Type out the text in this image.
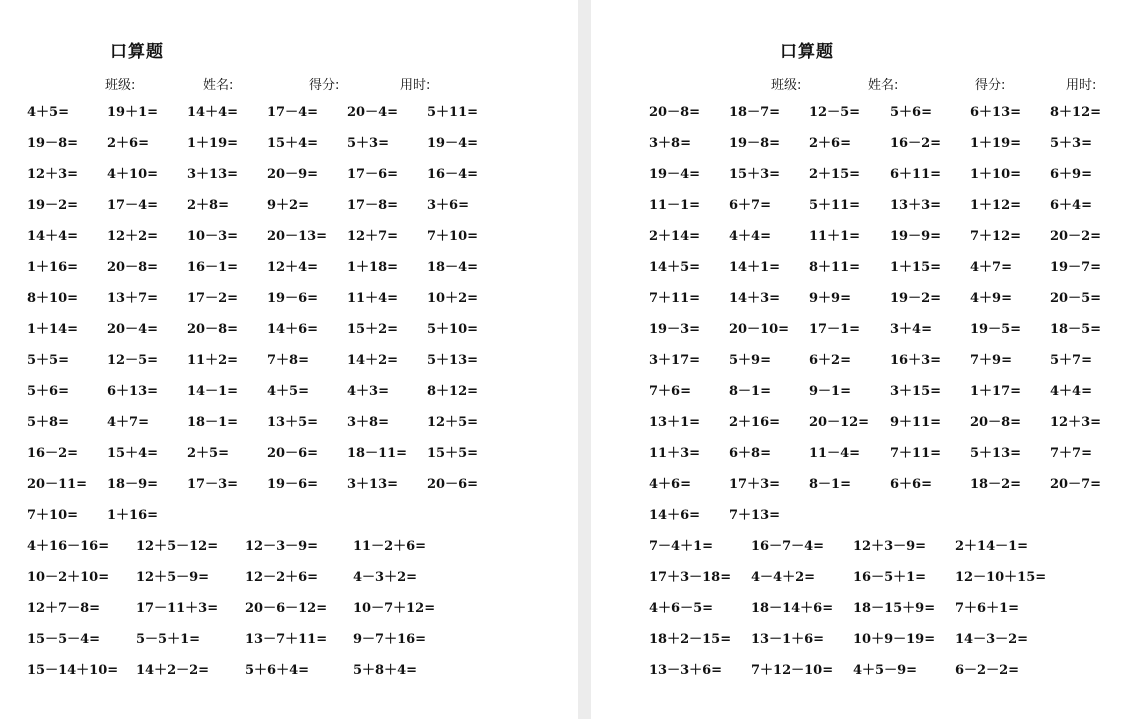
口算题
班级:	姓名:	得分:	用时:
4＋5=	19＋1= 14＋4= 17－4= 20－4= 5＋11=
19－8= 2＋6=	1＋19= 15＋4= 5＋3=	19－4=
12＋3= 4＋10= 3＋13= 20－9= 17－6= 16－4=
19－2= 17－4= 2＋8=	9＋2=	17－8= 3＋6=
14＋4= 12＋2= 10－3= 20－13= 12＋7= 7＋10=
1＋16= 20－8= 16－1= 12＋4= 1＋18= 18－4=
8＋10= 13＋7= 17－2= 19－6= 11＋4= 10＋2=
1＋14= 20－4= 20－8= 14＋6= 15＋2= 5＋10=
5＋5=	12－5= 11＋2= 7＋8=	14＋2= 5＋13=
5＋6=	6＋13= 14－1= 4＋5=	4＋3=	8＋12=
5＋8=	4＋7=	18－1= 13＋5= 3＋8=	12＋5=
16－2= 15＋4= 2＋5=	20－6= 18－11= 15＋5=
20－11= 18－9= 17－3= 19－6= 3＋13= 20－6=
7＋10= 1＋16=
4＋16－16= 12＋5－12= 12－3－9=	11－2＋6=
10－2＋10= 12＋5－9=	12－2＋6=	4－3＋2=
12＋7－8=	17－11＋3= 20－6－12= 10－7＋12=
15－5－4=	5－5＋1=	13－7＋11= 9－7＋16=
15－14＋10= 14＋2－2=	5＋6＋4=	5＋8＋4=
口算题
班级:	姓名:	得分:	用时:
20－8= 18－7= 12－5= 5＋6=	6＋13= 8＋12=
3＋8=	19－8= 2＋6=	16－2= 1＋19= 5＋3=
19－4= 15＋3= 2＋15= 6＋11= 1＋10= 6＋9=
11－1= 6＋7=	5＋11= 13＋3= 1＋12= 6＋4=
2＋14= 4＋4=	11＋1= 19－9= 7＋12= 20－2=
14＋5= 14＋1= 8＋11= 1＋15= 4＋7=	19－7=
7＋11= 14＋3= 9＋9=	19－2= 4＋9=	20－5=
19－3= 20－10= 17－1= 3＋4=	19－5= 18－5=
3＋17= 5＋9=	6＋2=	16＋3= 7＋9=	5＋7=
7＋6=	8－1=	9－1=	3＋15= 1＋17= 4＋4=
13＋1= 2＋16= 20－12= 9＋11= 20－8= 12＋3=
11＋3= 6＋8=	11－4= 7＋11= 5＋13= 7＋7=
4＋6=	17＋3= 8－1=	6＋6=	18－2= 20－7=
14＋6= 7＋13=
7－4＋1=	16－7－4= 12＋3－9= 2＋14－1=
17＋3－18= 4－4＋2=	16－5＋1= 12－10＋15=
4＋6－5=	18－14＋6= 18－15＋9= 7＋6＋1=
18＋2－15= 13－1＋6= 10＋9－19= 14－3－2=
13－3＋6= 7＋12－10= 4＋5－9=	6－2－2=
